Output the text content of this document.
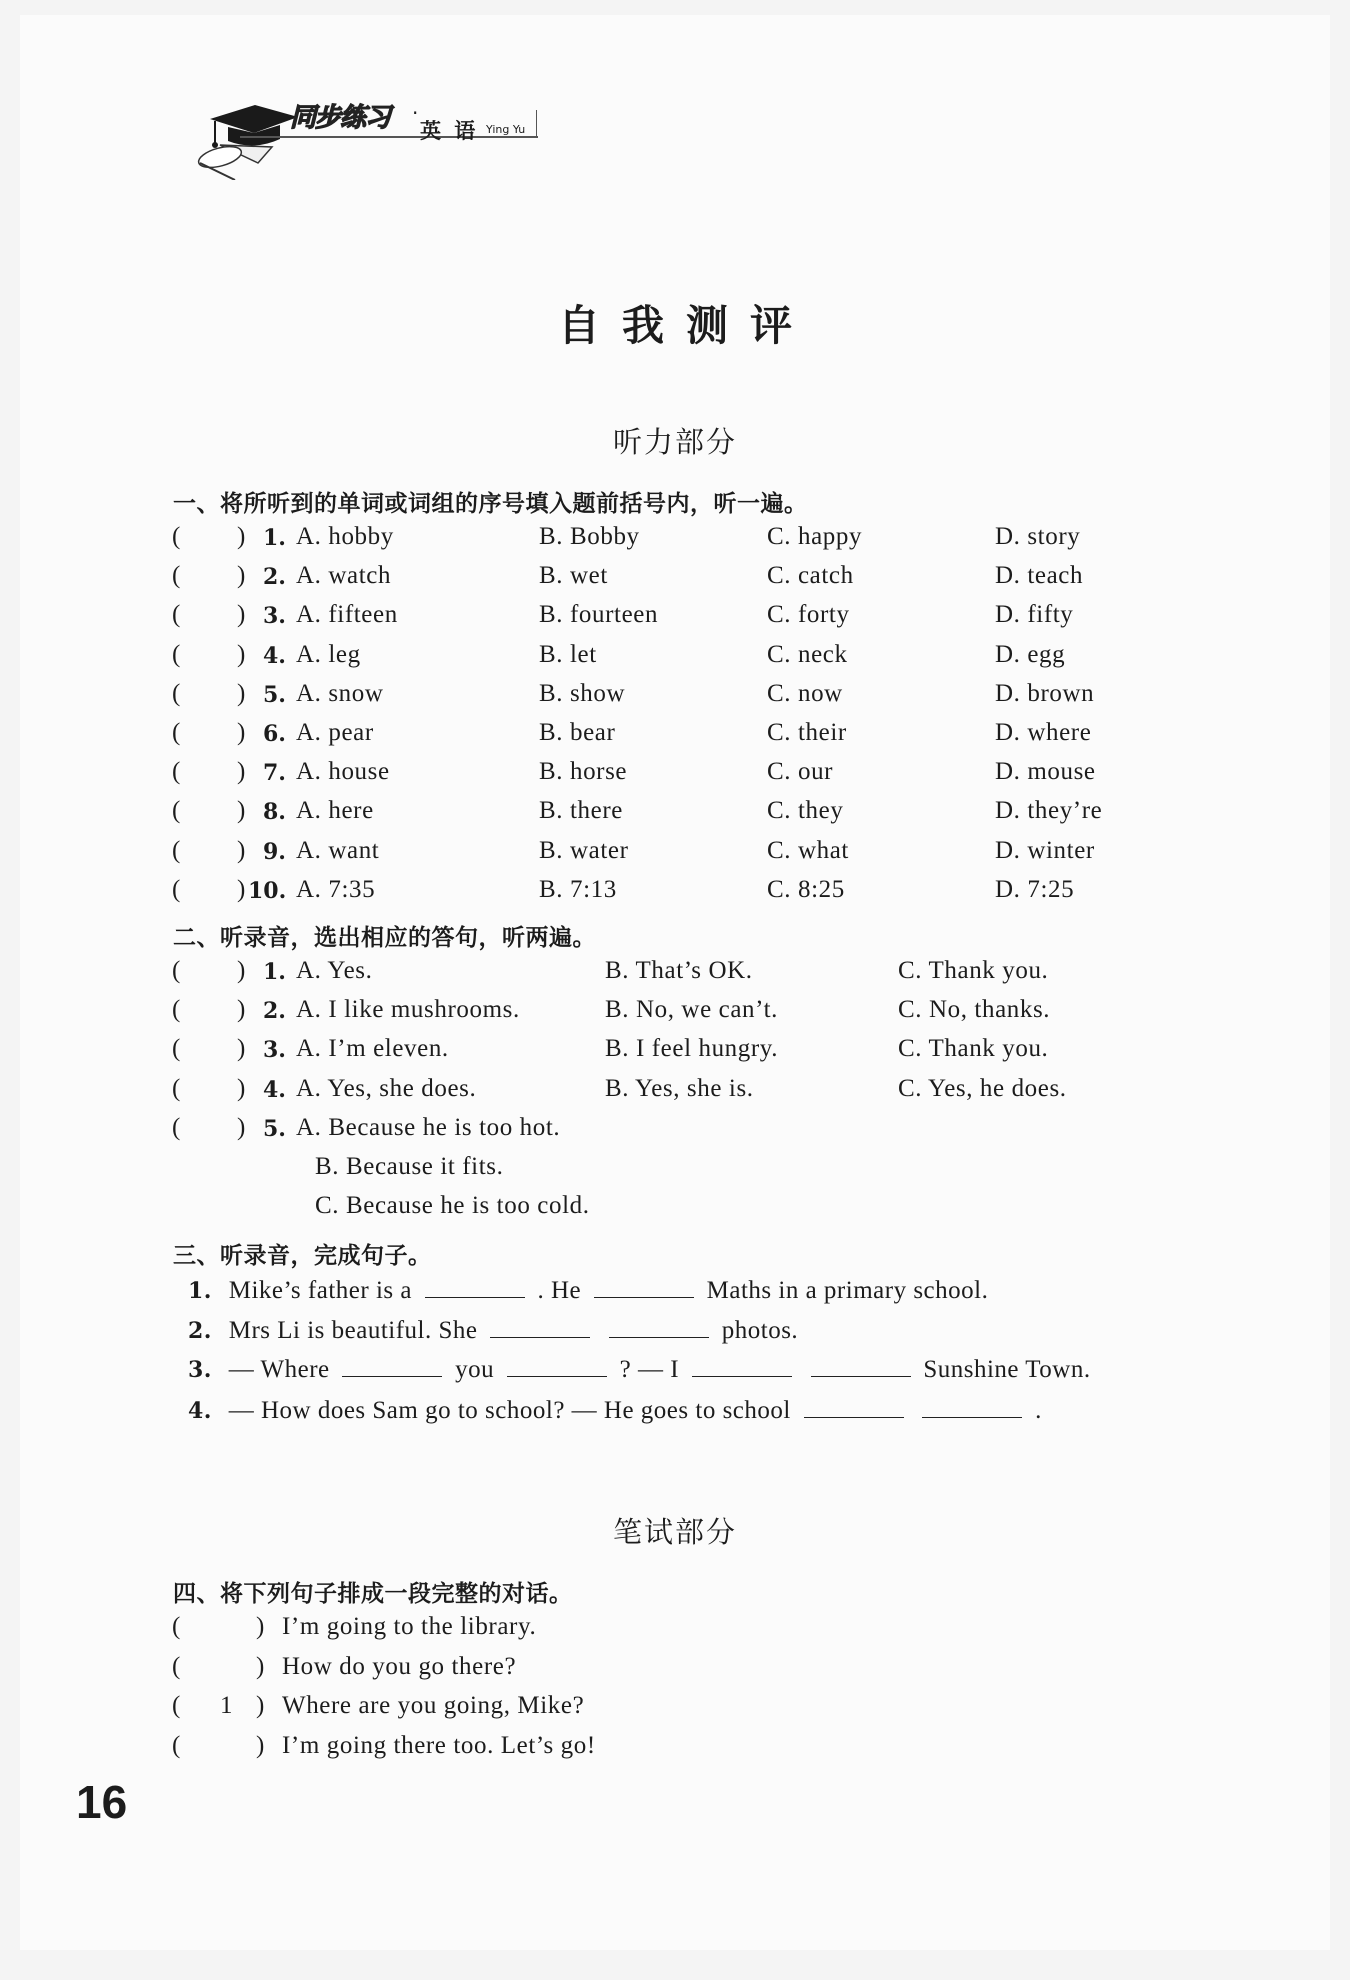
同步练习 ·
英 语 Ying Yu
自我测评
听力部分
一、将所听到的单词或词组的序号填入题前括号内，听一遍。
( ) 1. A. hobby	B. Bobby	C. happy	D. story
( ) 2. A. watch	B. wet	C. catch	D. teach
( ) 3. A. fifteen	B. fourteen	C. forty	D. fifty
( ) 4. A. leg	B. let	C. neck	D. egg
( ) 5. A. snow	B. show	C. now	D. brown
( ) 6. A. pear	B. bear	C. their	D. where
( ) 7. A. house	B. horse	C. our	D. mouse
( ) 8. A. here	B. there	C. they	D. they’re
( ) 9. A. want	B. water	C. what	D. winter
( ) 10. A. 7:35	B. 7:13	C. 8:25	D. 7:25
二、听录音，选出相应的答句，听两遍。
( ) 1. A. Yes.	B. That’s OK.	C. Thank you.
( ) 2. A. I like mushrooms.	B. No, we can’t.	C. No, thanks.
( ) 3. A. I’m eleven.	B. I feel hungry.	C. Thank you.
( ) 4. A. Yes, she does.	B. Yes, she is.	C. Yes, he does.
( ) 5. A. Because he is too hot.
B. Because it fits.
C. Because he is too cold.
三、听录音，完成句子。
1. Mike’s father is a	. He	Maths in a primary school.
2. Mrs Li is beautiful. She	photos.
3. — Where	you	? — I	Sunshine Town.
4. — How does Sam go to school? — He goes to school	.
笔试部分
四、将下列句子排成一段完整的对话。
(	) I’m going to the library.
(	) How do you go there?
( 1 ) Where are you going, Mike?
(	) I’m going there too. Let’s go!
16
